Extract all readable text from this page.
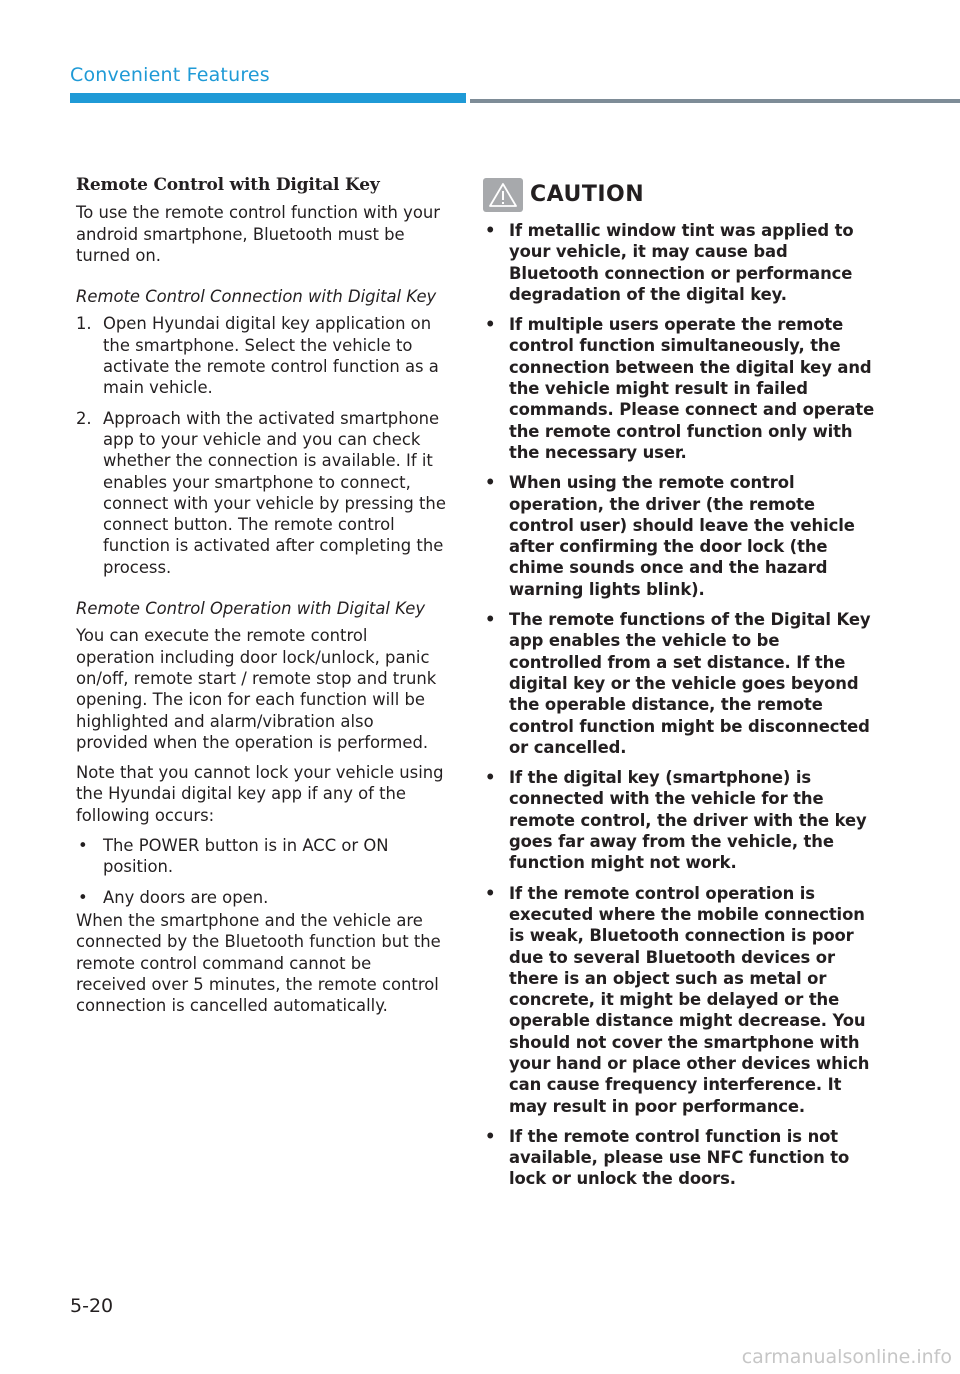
Convenient Features
Remote Control with Digital Key

To use the remote control function with your android smartphone, Bluetooth must be turned on.

Remote Control Connection with Digital Key

1. Open Hyundai digital key application on the smartphone. Select the vehicle to activate the remote control function as a main vehicle.
2. Approach with the activated smartphone app to your vehicle and you can check whether the connection is available. If it enables your smartphone to connect, connect with your vehicle by pressing the connect button. The remote control function is activated after completing the process.

Remote Control Operation with Digital Key

You can execute the remote control operation including door lock/unlock, panic on/off, remote start / remote stop and trunk opening. The icon for each function will be highlighted and alarm/vibration also provided when the operation is performed.

Note that you cannot lock your vehicle using the Hyundai digital key app if any of the following occurs:

• The POWER button is in ACC or ON position.
• Any doors are open.

When the smartphone and the vehicle are connected by the Bluetooth function but the remote control command cannot be received over 5 minutes, the remote control connection is cancelled automatically.

CAUTION
• If metallic window tint was applied to your vehicle, it may cause bad Bluetooth connection or performance degradation of the digital key.
• If multiple users operate the remote control function simultaneously, the connection between the digital key and the vehicle might result in failed commands. Please connect and operate the remote control function only with the necessary user.
• When using the remote control operation, the driver (the remote control user) should leave the vehicle after confirming the door lock (the chime sounds once and the hazard warning lights blink).
• The remote functions of the Digital Key app enables the vehicle to be controlled from a set distance. If the digital key or the vehicle goes beyond the operable distance, the remote control function might be disconnected or cancelled.
• If the digital key (smartphone) is connected with the vehicle for the remote control, the driver with the key goes far away from the vehicle, the function might not work.
• If the remote control operation is executed where the mobile connection is weak, Bluetooth connection is poor due to several Bluetooth devices or there is an object such as metal or concrete, it might be delayed or the operable distance might decrease. You should not cover the smartphone with your hand or place other devices which can cause frequency interference. It may result in poor performance.
• If the remote control function is not available, please use NFC function to lock or unlock the doors.
5-20
carmanualsonline.info
